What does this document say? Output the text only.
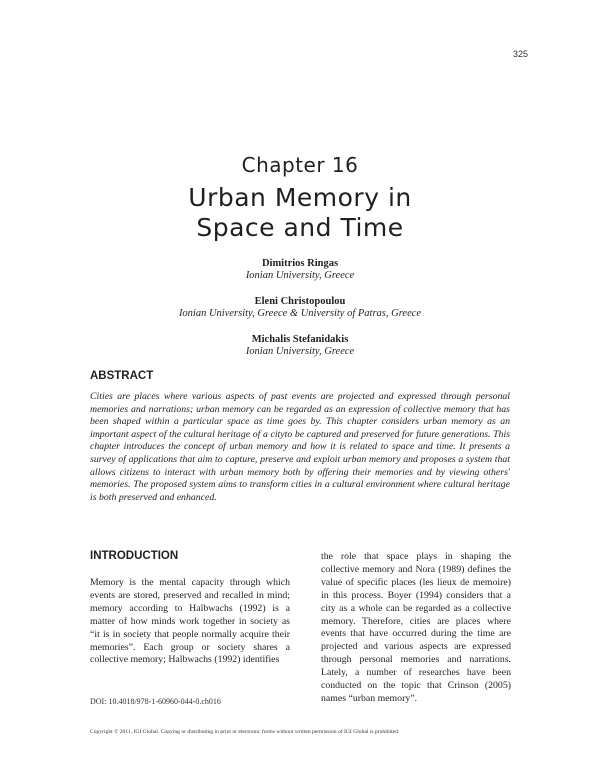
325
Chapter 16
Urban Memory in
Space and Time
Dimitrios Ringas
Ionian University, Greece
Eleni Christopoulou
Ionian University, Greece & University of Patras, Greece
Michalis Stefanidakis
Ionian University, Greece
ABSTRACT

Cities are places where various aspects of past events are projected and expressed through personal memories and narrations; urban memory can be regarded as an expression of collective memory that has been shaped within a particular space as time goes by. This chapter considers urban memory as an important aspect of the cultural heritage of a cityto be captured and preserved for future generations. This chapter introduces the concept of urban memory and how it is related to space and time. It presents a survey of applications that aim to capture, preserve and exploit urban memory and proposes a system that allows citizens to interact with urban memory both by offering their memories and by viewing others' memories. The proposed system aims to transform cities in a cultural environment where cultural heritage is both preserved and enhanced.

INTRODUCTION

Memory is the mental capacity through which events are stored, preserved and recalled in mind; memory according to Halbwachs (1992) is a matter of how minds work together in society as “it is in society that people normally acquire their memories”. Each group or society shares a collective memory; Halbwachs (1992) identifies

the role that space plays in shaping the collective memory and Nora (1989) defines the value of specific places (les lieux de memoire) in this process. Boyer (1994) considers that a city as a whole can be regarded as a collective memory. Therefore, cities are places where events that have occurred during the time are projected and various aspects are expressed through personal memories and narrations. Lately, a number of researches have been conducted on the topic that Crinson (2005) names “urban memory”.

DOI: 10.4018/978-1-60960-044-0.ch016
Copyright © 2011, IGI Global. Copying or distributing in print or electronic forms without written permission of IGI Global is prohibited.
